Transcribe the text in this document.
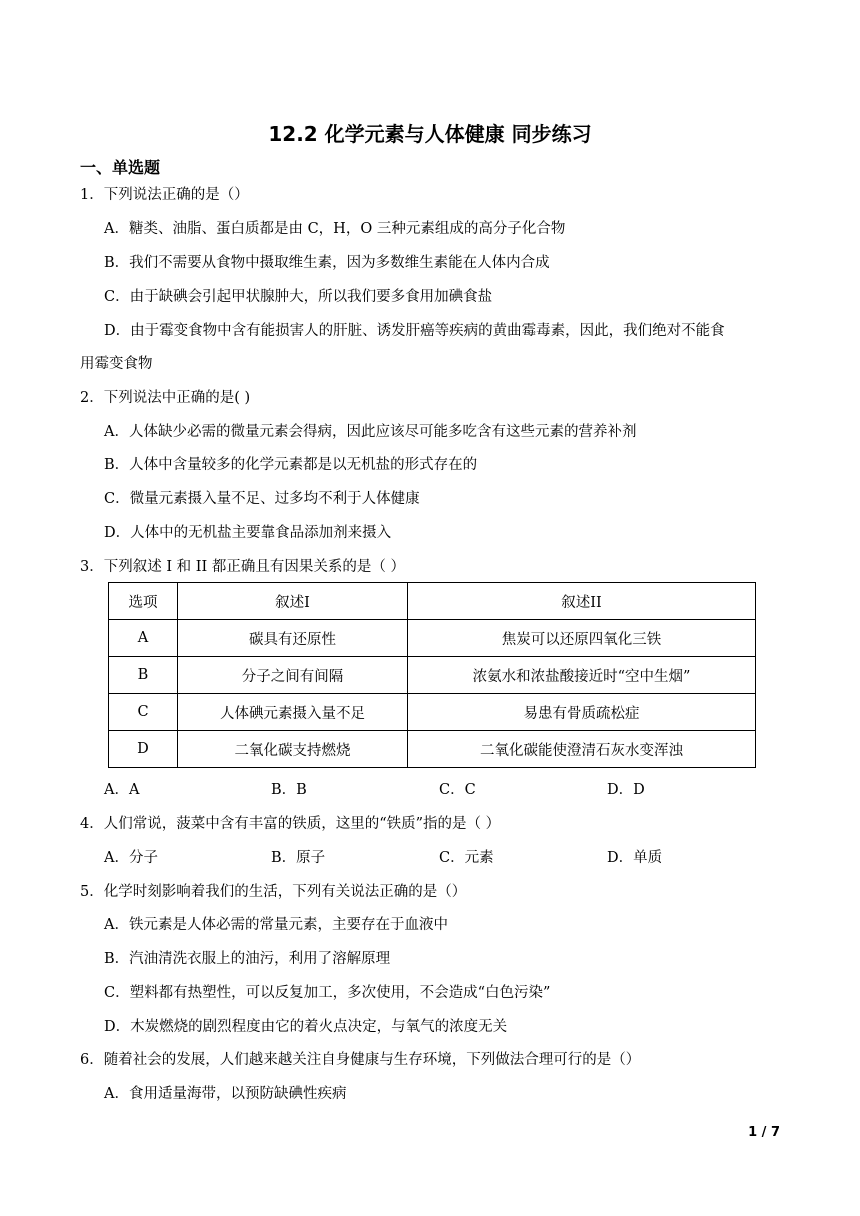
12.2 化学元素与人体健康 同步练习
一、单选题
1．下列说法正确的是（）
A．糖类、油脂、蛋白质都是由 C，H，O 三种元素组成的高分子化合物
B．我们不需要从食物中摄取维生素，因为多数维生素能在人体内合成
C．由于缺碘会引起甲状腺肿大，所以我们要多食用加碘食盐
D．由于霉变食物中含有能损害人的肝脏、诱发肝癌等疾病的黄曲霉毒素，因此，我们绝对不能食
用霉变食物
2．下列说法中正确的是( )
A．人体缺少必需的微量元素会得病，因此应该尽可能多吃含有这些元素的营养补剂
B．人体中含量较多的化学元素都是以无机盐的形式存在的
C．微量元素摄入量不足、过多均不利于人体健康
D．人体中的无机盐主要靠食品添加剂来摄入
3．下列叙述 I 和 II 都正确且有因果关系的是（ ）
选项	叙述I	叙述II
A	碳具有还原性	焦炭可以还原四氧化三铁
B	分子之间有间隔	浓氨水和浓盐酸接近时“空中生烟”
C	人体碘元素摄入量不足	易患有骨质疏松症
D	二氧化碳支持燃烧	二氧化碳能使澄清石灰水变浑浊
A．A	B．B	C．C	D．D
4．人们常说，菠菜中含有丰富的铁质，这里的“铁质”指的是（ ）
A．分子	B．原子	C．元素	D．单质
5．化学时刻影响着我们的生活，下列有关说法正确的是（）
A．铁元素是人体必需的常量元素，主要存在于血液中
B．汽油清洗衣服上的油污，利用了溶解原理
C．塑料都有热塑性，可以反复加工，多次使用，不会造成“白色污染”
D．木炭燃烧的剧烈程度由它的着火点决定，与氧气的浓度无关
6．随着社会的发展，人们越来越关注自身健康与生存环境，下列做法合理可行的是（）
A．食用适量海带，以预防缺碘性疾病
1 / 7
